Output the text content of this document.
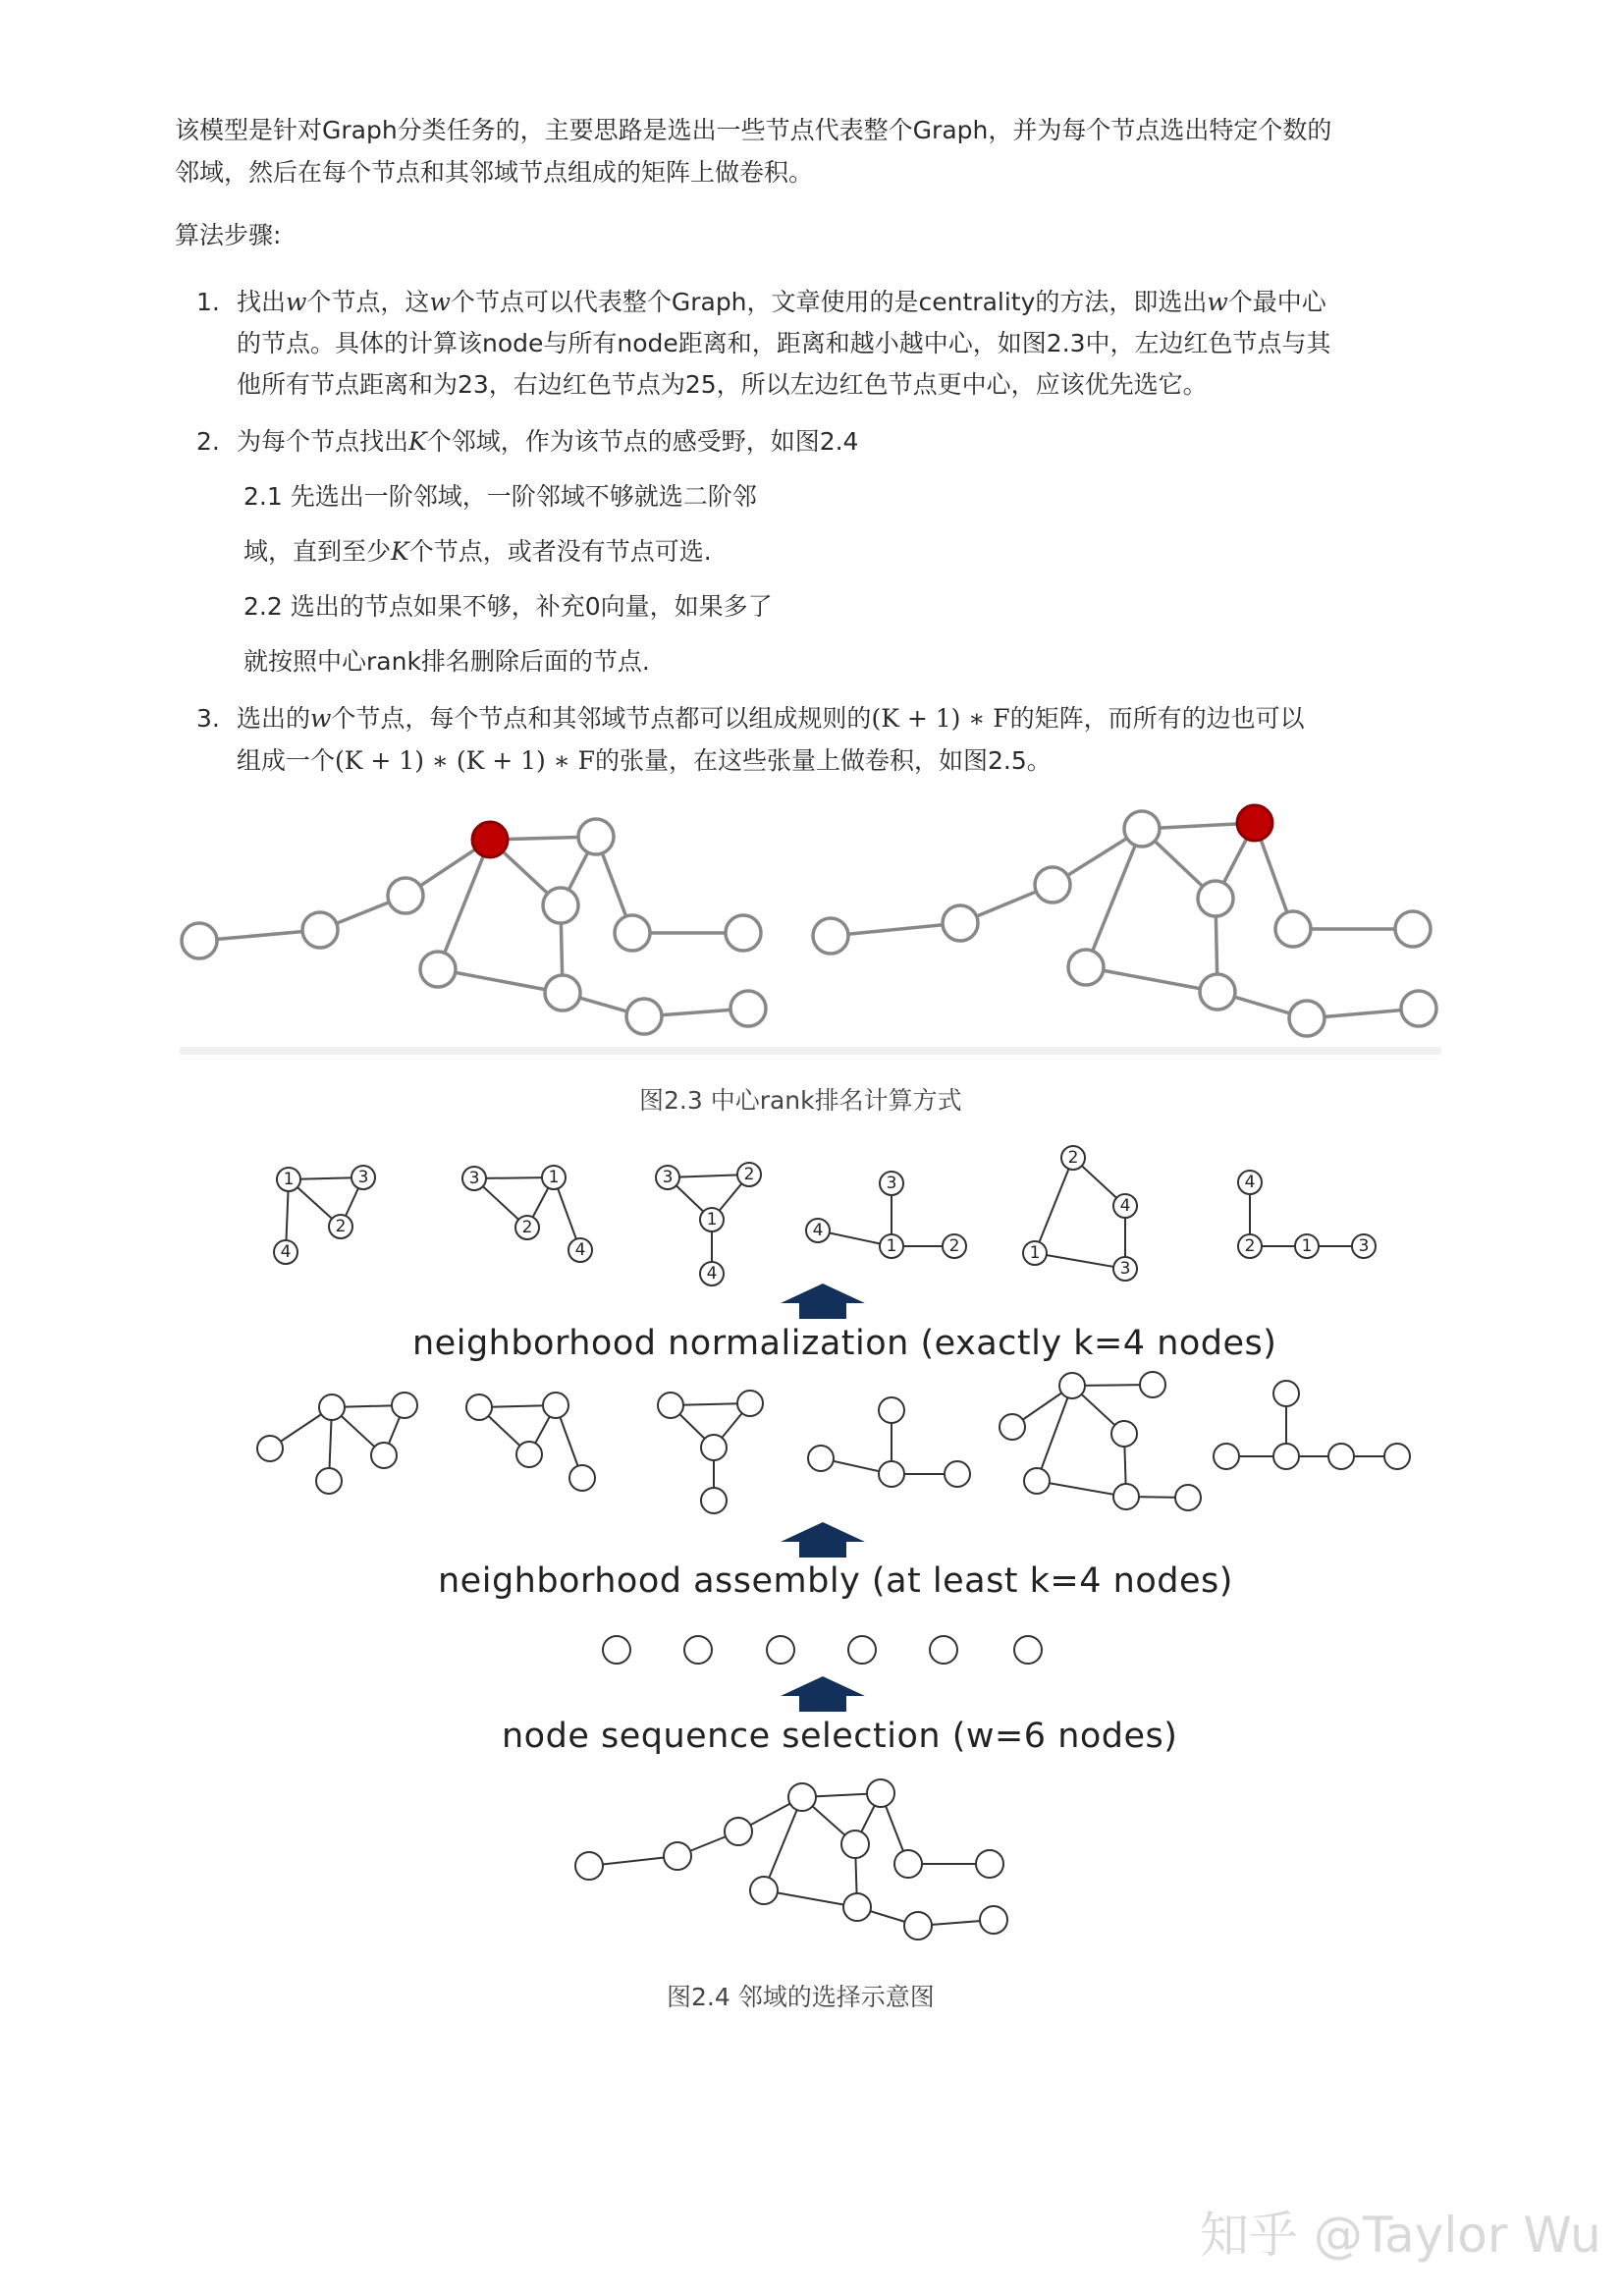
该模型是针对Graph分类任务的，主要思路是选出一些节点代表整个Graph，并为每个节点选出特定个数的
邻域，然后在每个节点和其邻域节点组成的矩阵上做卷积。
算法步骤:
1. 找出w个节点，这w个节点可以代表整个Graph，文章使用的是centrality的方法，即选出w个最中心
的节点。具体的计算该node与所有node距离和，距离和越小越中心，如图2.3中，左边红色节点与其
他所有节点距离和为23，右边红色节点为25，所以左边红色节点更中心，应该优先选它。
2. 为每个节点找出K个邻域，作为该节点的感受野，如图2.4
2.1 先选出一阶邻域，一阶邻域不够就选二阶邻
域，直到至少K个节点，或者没有节点可选.
2.2 选出的节点如果不够，补充0向量，如果多了
就按照中心rank排名删除后面的节点.
3. 选出的w个节点，每个节点和其邻域节点都可以组成规则的(K + 1) ∗ F的矩阵，而所有的边也可以
组成一个(K + 1) ∗ (K + 1) ∗ F的张量，在这些张量上做卷积，如图2.5。
图2.3 中心rank排名计算方式
1	3
2
4
3	1
2
4
3	2
1
4
3
4
1	2
2
4
1
3
4
2	1	3
neighborhood normalization (exactly k=4 nodes)
neighborhood assembly (at least k=4 nodes)
node sequence selection (w=6 nodes)
图2.4 邻域的选择示意图
知乎 @Taylor Wu
